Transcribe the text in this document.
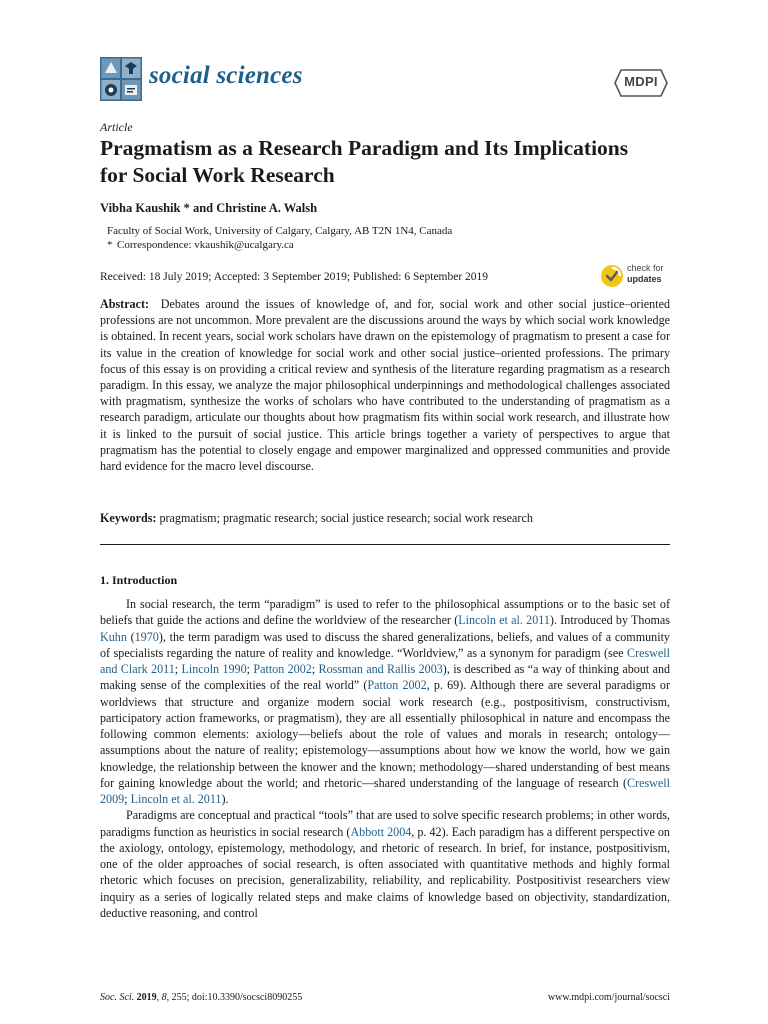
social sciences	MDPI
Article
Pragmatism as a Research Paradigm and Its Implications for Social Work Research
Vibha Kaushik * and Christine A. Walsh
Faculty of Social Work, University of Calgary, Calgary, AB T2N 1N4, Canada
* Correspondence: vkaushik@ucalgary.ca
Received: 18 July 2019; Accepted: 3 September 2019; Published: 6 September 2019
check for
updates
Abstract: Debates around the issues of knowledge of, and for, social work and other social justice–oriented professions are not uncommon. More prevalent are the discussions around the ways by which social work knowledge is obtained. In recent years, social work scholars have drawn on the epistemology of pragmatism to present a case for its value in the creation of knowledge for social work and other social justice–oriented professions. The primary focus of this essay is on providing a critical review and synthesis of the literature regarding pragmatism as a research paradigm. In this essay, we analyze the major philosophical underpinnings and methodological challenges associated with pragmatism, synthesize the works of scholars who have contributed to the understanding of pragmatism as a research paradigm, articulate our thoughts about how pragmatism fits within social work research, and illustrate how it is linked to the pursuit of social justice. This article brings together a variety of perspectives to argue that pragmatism has the potential to closely engage and empower marginalized and oppressed communities and provide hard evidence for the macro level discourse.
Keywords: pragmatism; pragmatic research; social justice research; social work research
1. Introduction

In social research, the term “paradigm” is used to refer to the philosophical assumptions or to the basic set of beliefs that guide the actions and define the worldview of the researcher (Lincoln et al. 2011). Introduced by Thomas Kuhn (1970), the term paradigm was used to discuss the shared generalizations, beliefs, and values of a community of specialists regarding the nature of reality and knowledge. “Worldview,” as a synonym for paradigm (see Creswell and Clark 2011; Lincoln 1990; Patton 2002; Rossman and Rallis 2003), is described as “a way of thinking about and making sense of the complexities of the real world” (Patton 2002, p. 69). Although there are several paradigms or worldviews that structure and organize modern social work research (e.g., postpositivism, constructivism, participatory action frameworks, or pragmatism), they are all essentially philosophical in nature and encompass the following common elements: axiology—beliefs about the role of values and morals in research; ontology—assumptions about the nature of reality; epistemology—assumptions about how we know the world, how we gain knowledge, the relationship between the knower and the known; methodology—shared understanding of best means for gaining knowledge about the world; and rhetoric—shared understanding of the language of research (Creswell 2009; Lincoln et al. 2011).

Paradigms are conceptual and practical “tools” that are used to solve specific research problems; in other words, paradigms function as heuristics in social research (Abbott 2004, p. 42). Each paradigm has a different perspective on the axiology, ontology, epistemology, methodology, and rhetoric of research. In brief, for instance, postpositivism, one of the older approaches of social research, is often associated with quantitative methods and highly formal rhetoric which focuses on precision, generalizability, reliability, and replicability. Postpositivist researchers view inquiry as a series of logically related steps and make claims of knowledge based on objectivity, standardization, deductive reasoning, and control

Soc. Sci. 2019, 8, 255; doi:10.3390/socsci8090255	www.mdpi.com/journal/socsci
